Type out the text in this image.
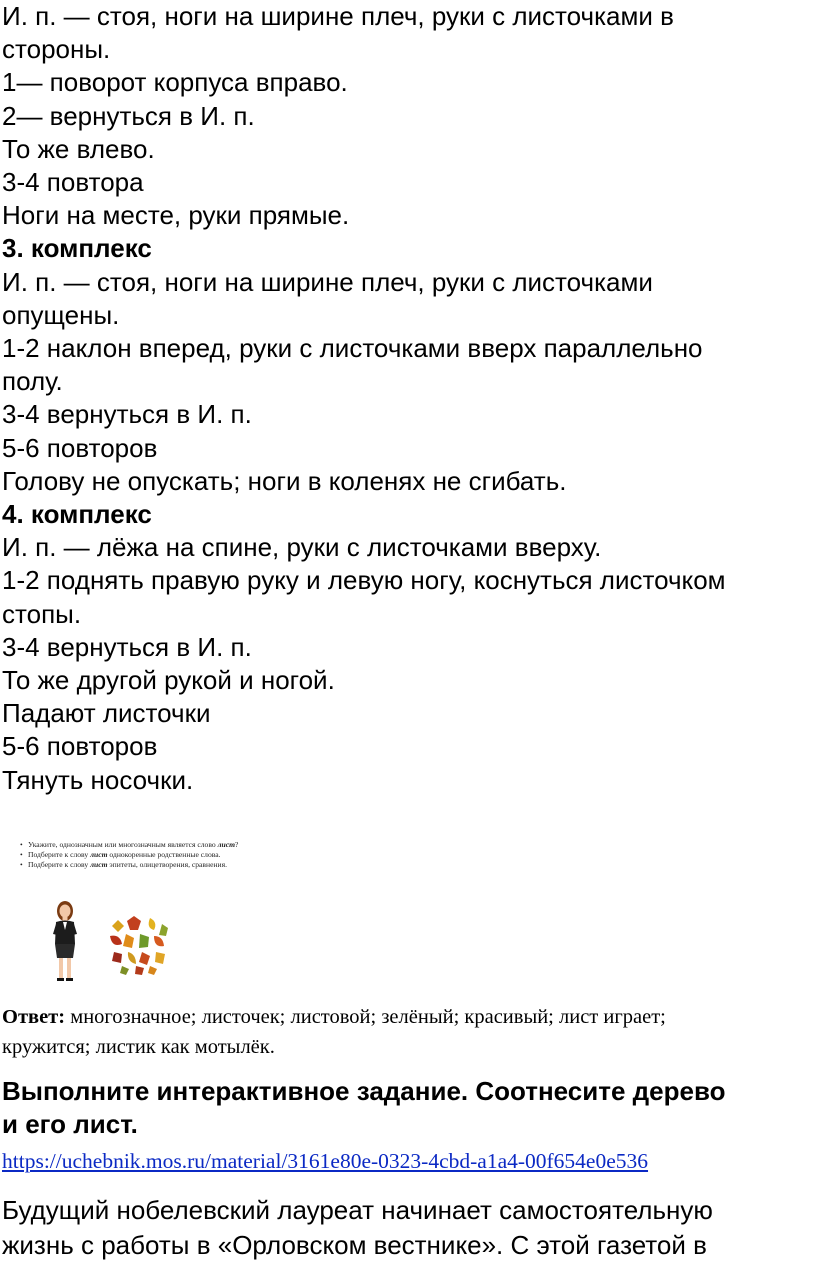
И. п. — стоя, ноги на ширине плеч, руки с листочками в

стороны.

1— поворот корпуса вправо.

2— вернуться в И. п.

То же влево.

3-4 повтора

Ноги на месте, руки прямые.

3. комплекс

И. п. — стоя, ноги на ширине плеч, руки с листочками

опущены.

1-2 наклон вперед, руки с листочками вверх параллельно

полу.

3-4 вернуться в И. п.

5-6 повторов

Голову не опускать; ноги в коленях не сгибать.

4. комплекс

И. п. — лёжа на спине, руки с листочками вверху.

1-2 поднять правую руку и левую ногу, коснуться листочком

стопы.

3-4 вернуться в И. п.

То же другой рукой и ногой.

Падают листочки

5-6 повторов

Тянуть носочки.

• Укажите, однозначным или многозначным является слово лист?
• Подберите к слову лист однокоренные родственные слова.
• Подберите к слову лист эпитеты, олицетворения, сравнения.

Ответ: многозначное; листочек; листовой; зелёный; красивый; лист играет;

кружится; листик как мотылёк.

Выполните интерактивное задание. Соотнесите дерево

и его лист.

https://uchebnik.mos.ru/material/3161e80e-0323-4cbd-a1a4-00f654e0e536

Будущий нобелевский лауреат начинает самостоятельную

жизнь с работы в «Орловском вестнике». С этой газетой в
